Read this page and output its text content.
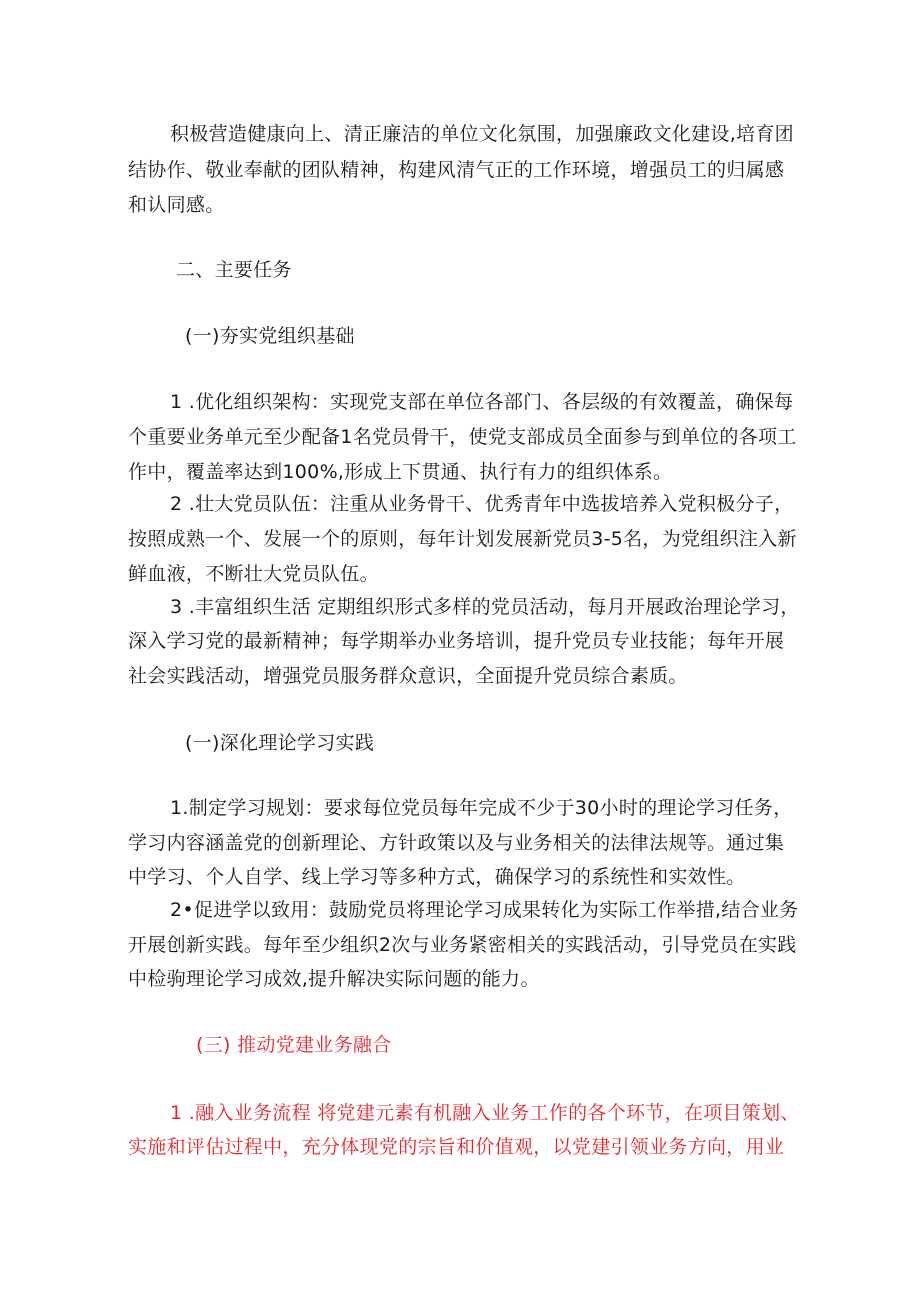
积极营造健康向上、清正廉洁的单位文化氛围，加强廉政文化建设,培育团
结协作、敬业奉献的团队精神，构建风清气正的工作环境，增强员工的归属感
和认同感。
二、主要任务
(一)夯实党组织基础
1 .优化组织架构：实现党支部在单位各部门、各层级的有效覆盖，确保每
个重要业务单元至少配备1名党员骨干，使党支部成员全面参与到单位的各项工
作中，覆盖率达到100%,形成上下贯通、执行有力的组织体系。
2 .壮大党员队伍：注重从业务骨干、优秀青年中选拔培养入党积极分子，
按照成熟一个、发展一个的原则，每年计划发展新党员3-5名，为党组织注入新
鲜血液，不断壮大党员队伍。
3 .丰富组织生活 定期组织形式多样的党员活动，每月开展政治理论学习，
深入学习党的最新精神；每学期举办业务培训，提升党员专业技能；每年开展
社会实践活动，增强党员服务群众意识，全面提升党员综合素质。
(一)深化理论学习实践
1.制定学习规划：要求每位党员每年完成不少于30小时的理论学习任务，
学习内容涵盖党的创新理论、方针政策以及与业务相关的法律法规等。通过集
中学习、个人自学、线上学习等多种方式，确保学习的系统性和实效性。
2•促进学以致用：鼓励党员将理论学习成果转化为实际工作举措,结合业务
开展创新实践。每年至少组织2次与业务紧密相关的实践活动，引导党员在实践
中检驹理论学习成效,提升解决实际问题的能力。
(三) 推动党建业务融合
1 .融入业务流程 将党建元素有机融入业务工作的各个环节，在项目策划、
实施和评估过程中，充分体现党的宗旨和价值观，以党建引领业务方向，用业
